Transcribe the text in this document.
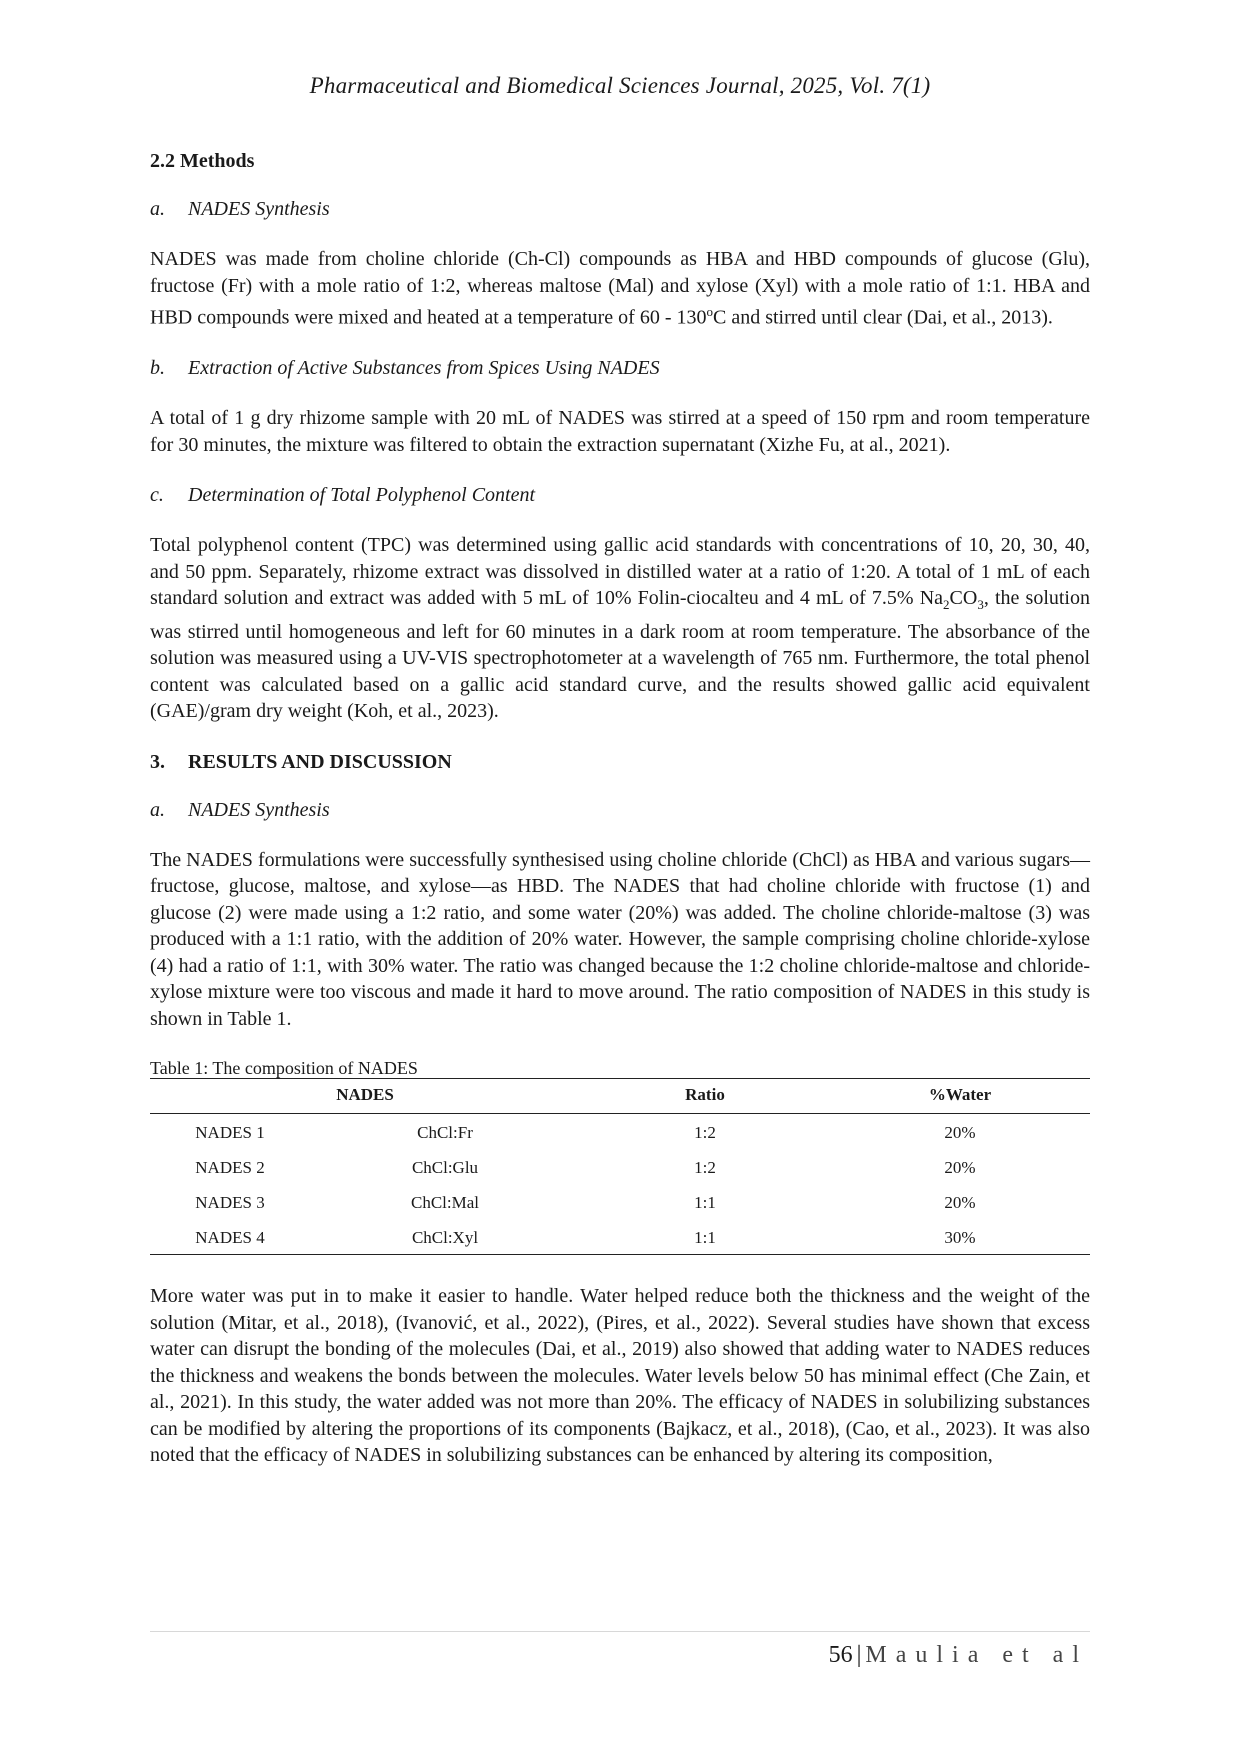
Pharmaceutical and Biomedical Sciences Journal, 2025, Vol. 7(1)
2.2 Methods
a. NADES Synthesis

NADES was made from choline chloride (Ch-Cl) compounds as HBA and HBD compounds of glucose (Glu), fructose (Fr) with a mole ratio of 1:2, whereas maltose (Mal) and xylose (Xyl) with a mole ratio of 1:1. HBA and HBD compounds were mixed and heated at a temperature of 60 - 130$^o$C and stirred until clear (Dai, et al., 2013).

b. Extraction of Active Substances from Spices Using NADES

A total of 1 g dry rhizome sample with 20 mL of NADES was stirred at a speed of 150 rpm and room temperature for 30 minutes, the mixture was filtered to obtain the extraction supernatant (Xizhe Fu, at al., 2021).

c. Determination of Total Polyphenol Content

Total polyphenol content (TPC) was determined using gallic acid standards with concentrations of 10, 20, 30, 40, and 50 ppm. Separately, rhizome extract was dissolved in distilled water at a ratio of 1:20. A total of 1 mL of each standard solution and extract was added with 5 mL of 10% Folin-ciocalteu and 4 mL of 7.5% $Na_2CO_3$, the solution was stirred until homogeneous and left for 60 minutes in a dark room at room temperature. The absorbance of the solution was measured using a UV-VIS spectrophotometer at a wavelength of 765 nm. Furthermore, the total phenol content was calculated based on a gallic acid standard curve, and the results showed gallic acid equivalent (GAE)/gram dry weight (Koh, et al., 2023).

3. RESULTS AND DISCUSSION
a. NADES Synthesis

The NADES formulations were successfully synthesised using choline chloride (ChCl) as HBA and various sugars—fructose, glucose, maltose, and xylose—as HBD. The NADES that had choline chloride with fructose (1) and glucose (2) were made using a 1:2 ratio, and some water (20%) was added. The choline chloride-maltose (3) was produced with a 1:1 ratio, with the addition of 20% water. However, the sample comprising choline chloride-xylose (4) had a ratio of 1:1, with 30% water. The ratio was changed because the 1:2 choline chloride-maltose and chloride-xylose mixture were too viscous and made it hard to move around. The ratio composition of NADES in this study is shown in Table 1.

Table 1: The composition of NADES
NADES		Ratio	%Water
NADES 1	ChCl:Fr	1:2	20%
NADES 2	ChCl:Glu	1:2	20%
NADES 3	ChCl:Mal	1:1	20%
NADES 4	ChCl:Xyl	1:1	30%

More water was put in to make it easier to handle. Water helped reduce both the thickness and the weight of the solution (Mitar, et al., 2018), (Ivanović, et al., 2022), (Pires, et al., 2022). Several studies have shown that excess water can disrupt the bonding of the molecules (Dai, et al., 2019) also showed that adding water to NADES reduces the thickness and weakens the bonds between the molecules. Water levels below 50 has minimal effect (Che Zain, et al., 2021). In this study, the water added was not more than 20%. The efficacy of NADES in solubilizing substances can be modified by altering the proportions of its components (Bajkacz, et al., 2018), (Cao, et al., 2023). It was also noted that the efficacy of NADES in solubilizing substances can be enhanced by altering its composition,

56 | Maulia et al
